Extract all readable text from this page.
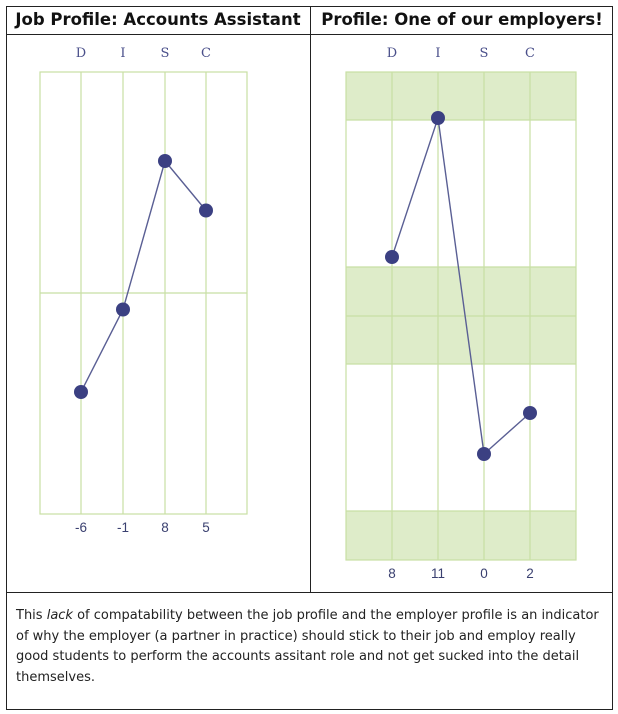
Job Profile: Accounts Assistant	Profile: One of our employers!
D	I	S C
-6 -1 8 5
D	I	S	C
8	11	0	2

This lack of compatability between the job profile and the employer profile is an indicator of why the employer (a partner in practice) should stick to their job and employ really good students to perform the accounts assitant role and not get sucked into the detail themselves.
